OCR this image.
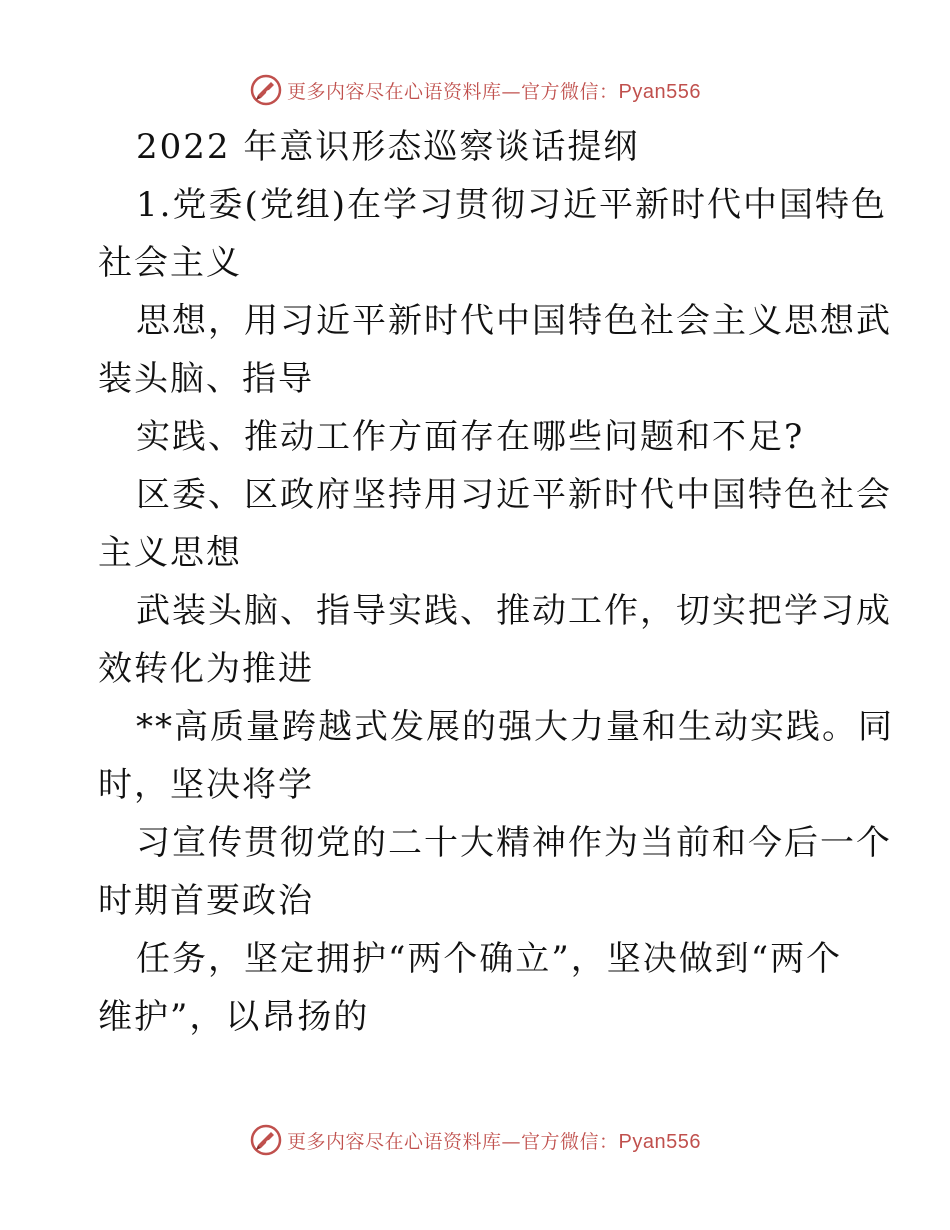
更多内容尽在心语资料库—官方微信：Pyan556
2022 年意识形态巡察谈话提纲
1.党委(党组)在学习贯彻习近平新时代中国特色
社会主义
思想，用习近平新时代中国特色社会主义思想武
装头脑、指导
实践、推动工作方面存在哪些问题和不足?
区委、区政府坚持用习近平新时代中国特色社会
主义思想
武装头脑、指导实践、推动工作，切实把学习成
效转化为推进
**高质量跨越式发展的强大力量和生动实践。同
时，坚决将学
习宣传贯彻党的二十大精神作为当前和今后一个
时期首要政治
任务，坚定拥护“两个确立”，坚决做到“两个
维护”，以昂扬的
更多内容尽在心语资料库—官方微信：Pyan556
